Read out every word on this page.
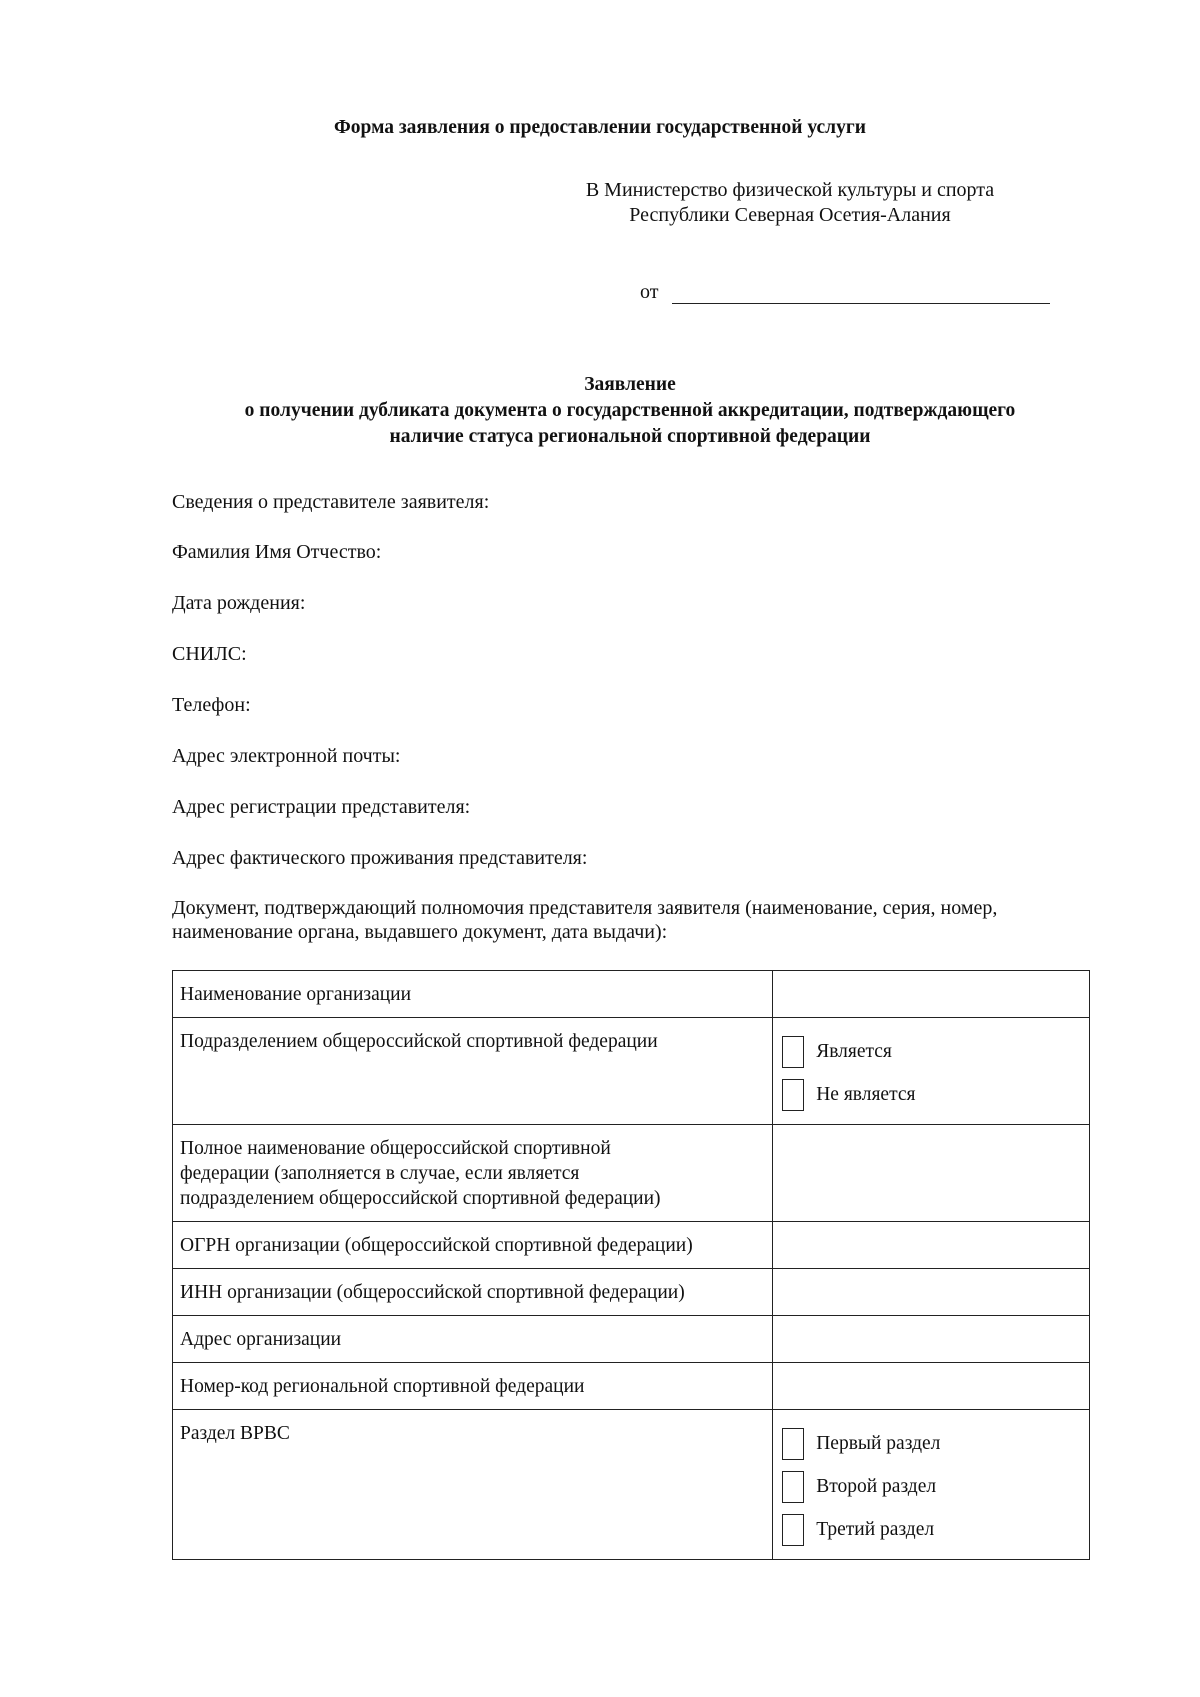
Форма заявления о предоставлении государственной услуги
В Министерство физической культуры и спорта
Республики Северная Осетия-Алания
от
Заявление
о получении дубликата документа о государственной аккредитации, подтверждающего
наличие статуса региональной спортивной федерации
Сведения о представителе заявителя:
Фамилия Имя Отчество:
Дата рождения:
СНИЛС:
Телефон:
Адрес электронной почты:
Адрес регистрации представителя:
Адрес фактического проживания представителя:
Документ, подтверждающий полномочия представителя заявителя (наименование, серия, номер,
наименование органа, выдавшего документ, дата выдачи):
Наименование организации	
Подразделением общероссийской спортивной федерации	Является
Не является

Полное наименование общероссийской спортивной
федерации (заполняется в случае, если является
подразделением общероссийской спортивной федерации)	

ОГРН организации (общероссийской спортивной федерации)	
ИНН организации (общероссийской спортивной федерации)	
Адрес организации	
Номер-код региональной спортивной федерации	
Раздел ВРВС	Первый раздел
Второй раздел
Третий раздел
